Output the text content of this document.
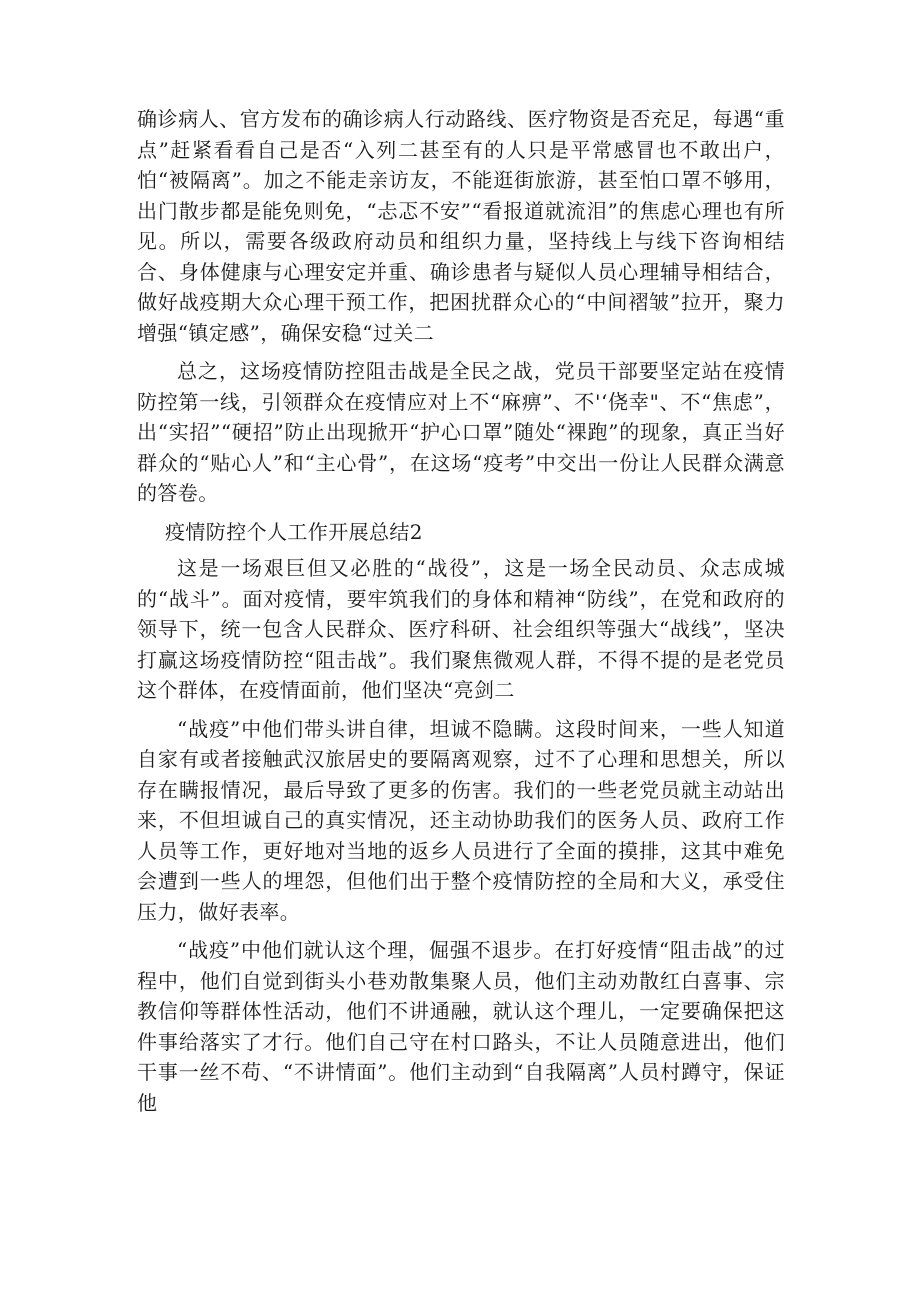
确诊病人、官方发布的确诊病人行动路线、医疗物资是否充足，每遇“重点”赶紧看看自己是否“入列二甚至有的人只是平常感冒也不敢出户，怕“被隔离”。加之不能走亲访友，不能逛街旅游，甚至怕口罩不够用，出门散步都是能免则免，“忐忑不安”“看报道就流泪”的焦虑心理也有所见。所以，需要各级政府动员和组织力量，坚持线上与线下咨询相结合、身体健康与心理安定并重、确诊患者与疑似人员心理辅导相结合，做好战疫期大众心理干预工作，把困扰群众心的“中间褶皱”拉开，聚力增强“镇定感”，确保安稳“过关二

总之，这场疫情防控阻击战是全民之战，党员干部要坚定站在疫情防控第一线，引领群众在疫情应对上不“麻痹”、不'‘侥幸"、不“焦虑”，出“实招”“硬招”防止出现掀开“护心口罩”随处“裸跑”的现象，真正当好群众的“贴心人”和“主心骨”，在这场“疫考”中交出一份让人民群众满意的答卷。

疫情防控个人工作开展总结2

这是一场艰巨但又必胜的“战役”，这是一场全民动员、众志成城的“战斗”。面对疫情，要牢筑我们的身体和精神“防线”，在党和政府的领导下，统一包含人民群众、医疗科研、社会组织等强大“战线”，坚决打赢这场疫情防控“阻击战”。我们聚焦微观人群，不得不提的是老党员这个群体，在疫情面前，他们坚决“亮剑二

“战疫”中他们带头讲自律，坦诚不隐瞒。这段时间来，一些人知道自家有或者接触武汉旅居史的要隔离观察，过不了心理和思想关，所以存在瞒报情况，最后导致了更多的伤害。我们的一些老党员就主动站出来，不但坦诚自己的真实情况，还主动协助我们的医务人员、政府工作人员等工作，更好地对当地的返乡人员进行了全面的摸排，这其中难免会遭到一些人的埋怨，但他们出于整个疫情防控的全局和大义，承受住压力，做好表率。

“战疫”中他们就认这个理，倔强不退步。在打好疫情“阻击战”的过程中，他们自觉到街头小巷劝散集聚人员，他们主动劝散红白喜事、宗教信仰等群体性活动，他们不讲通融，就认这个理儿，一定要确保把这件事给落实了才行。他们自己守在村口路头，不让人员随意进出，他们干事一丝不苟、“不讲情面”。他们主动到“自我隔离”人员村蹲守，保证他
